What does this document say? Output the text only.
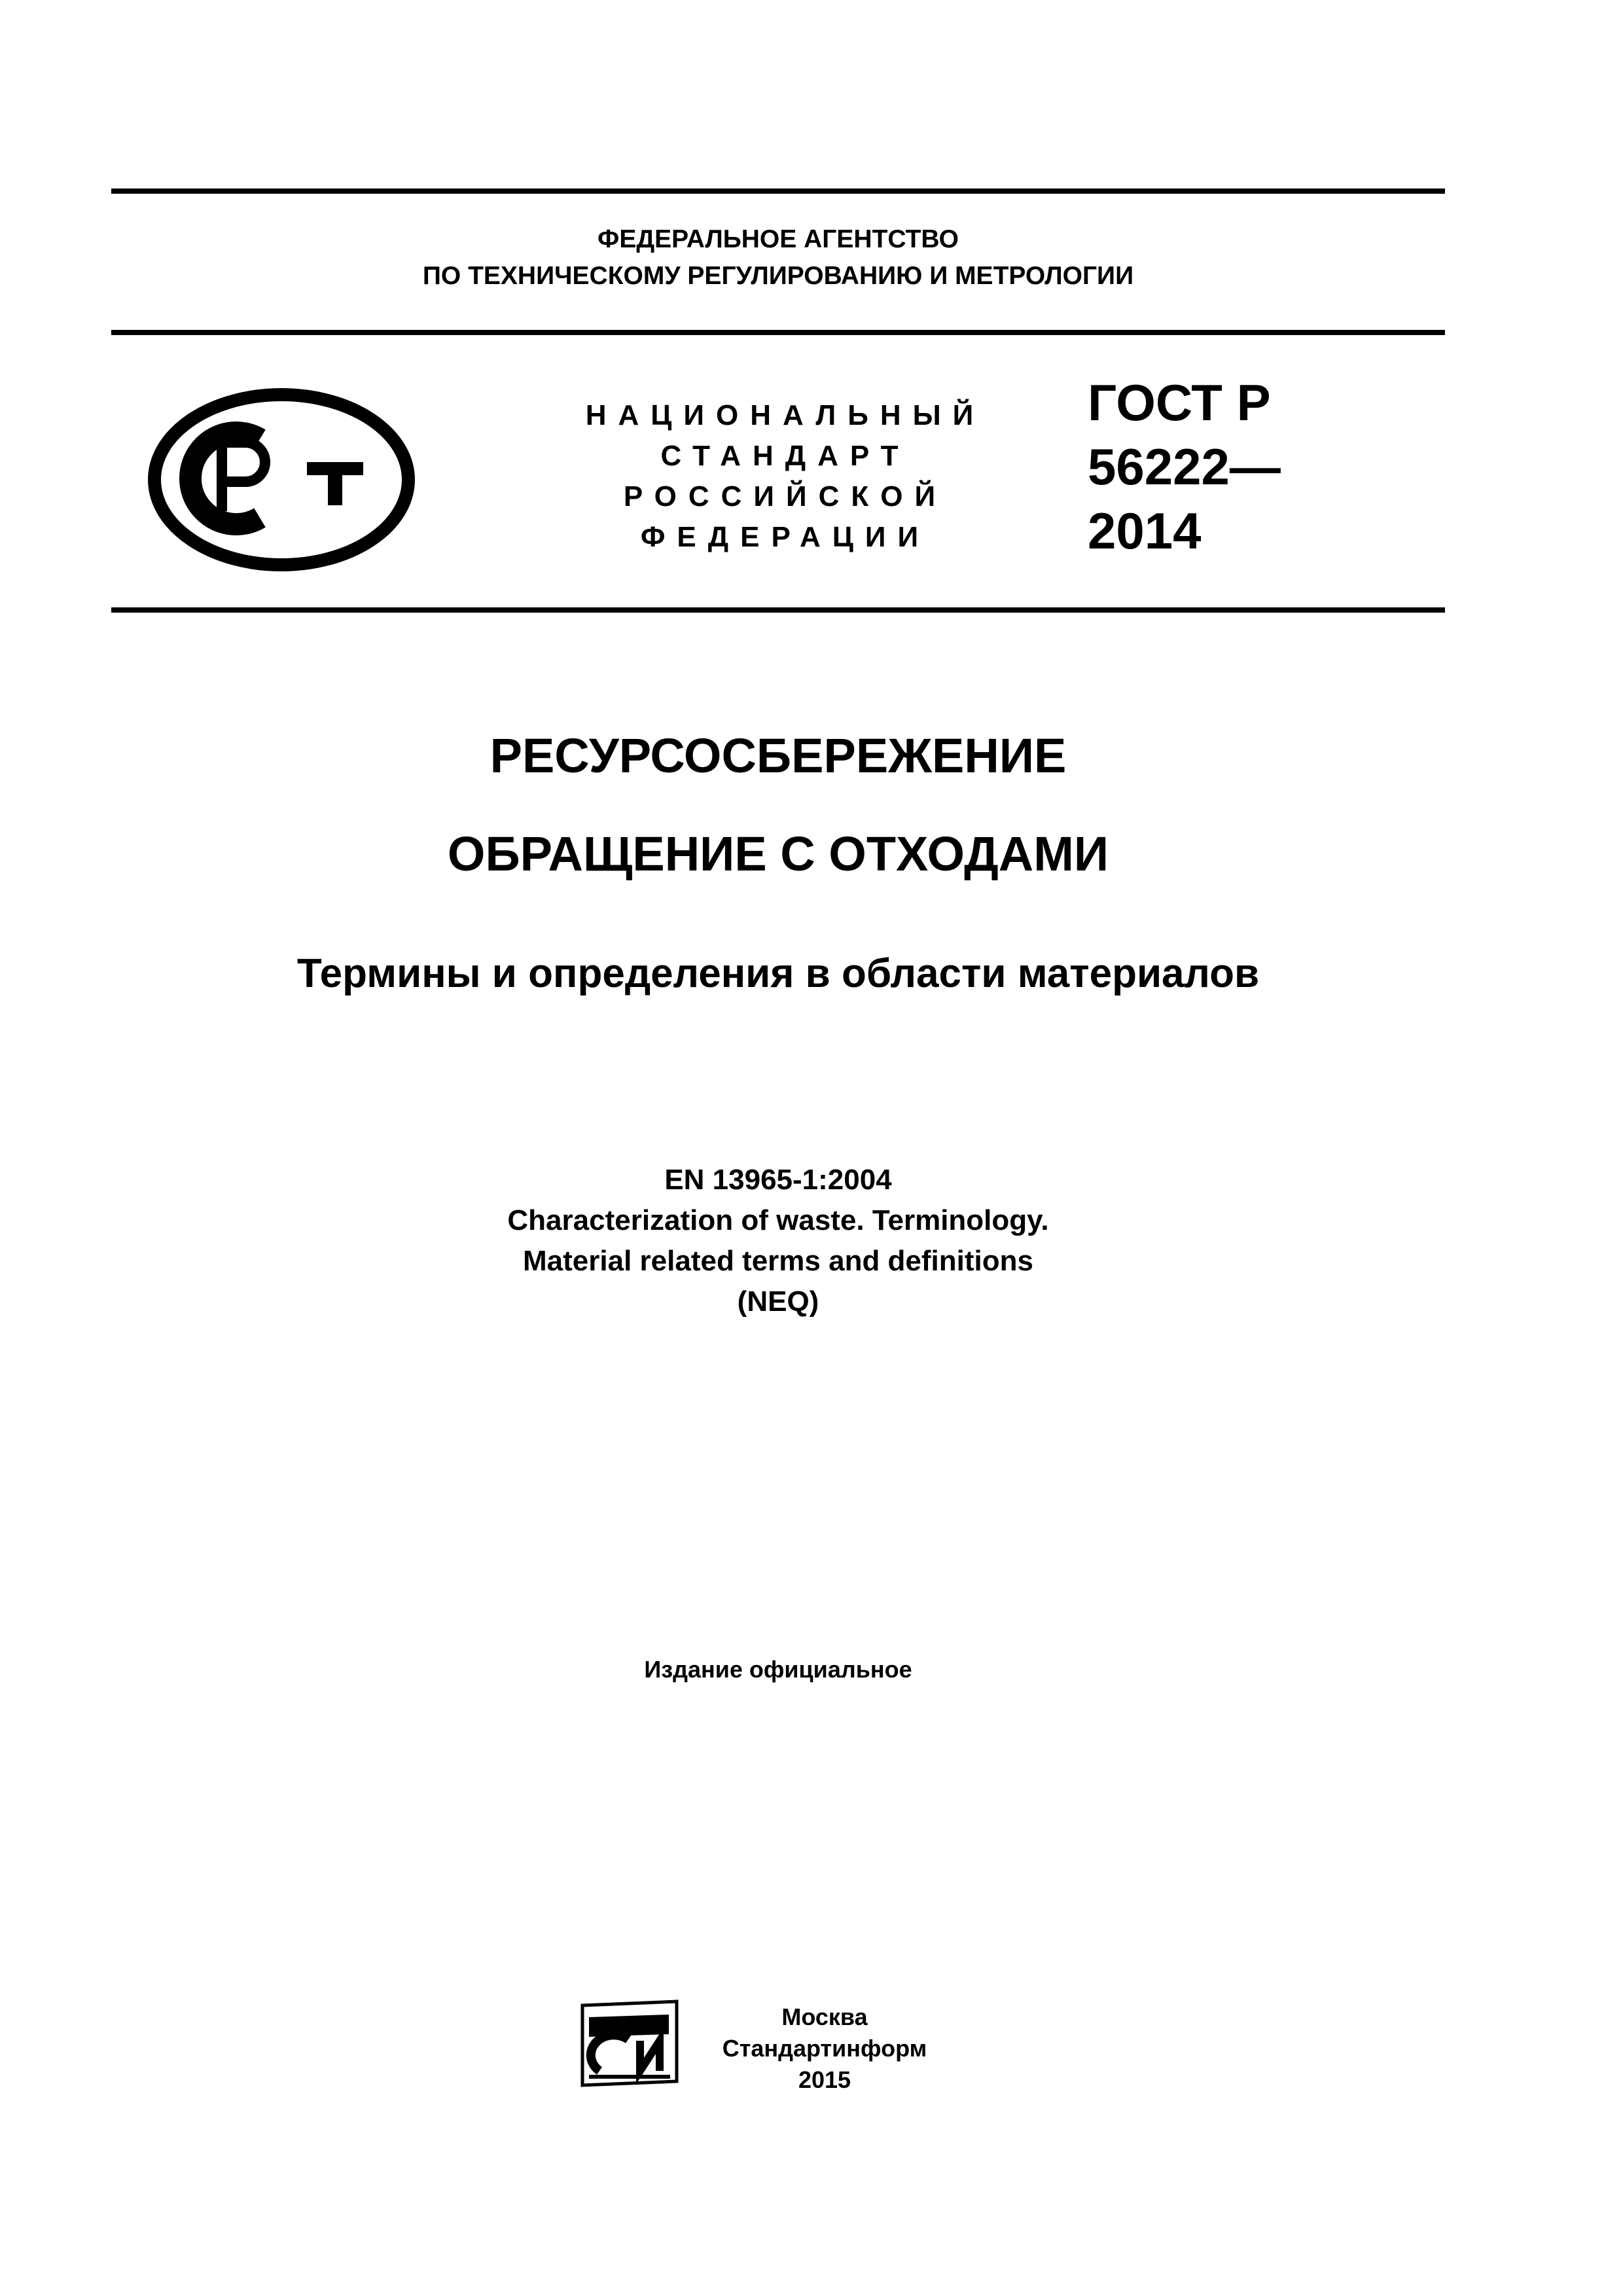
ФЕДЕРАЛЬНОЕ АГЕНТСТВО
ПО ТЕХНИЧЕСКОМУ РЕГУЛИРОВАНИЮ И МЕТРОЛОГИИ
НАЦИОНАЛЬНЫЙ
СТАНДАРТ
РОССИЙСКОЙ
ФЕДЕРАЦИИ
ГОСТ Р
56222—
2014
РЕСУРСОСБЕРЕЖЕНИЕ
ОБРАЩЕНИЕ С ОТХОДАМИ
Термины и определения в области материалов
EN 13965-1:2004
Characterization of waste. Terminology.
Material related terms and definitions
(NEQ)
Издание официальное
Москва
Стандартинформ
2015
